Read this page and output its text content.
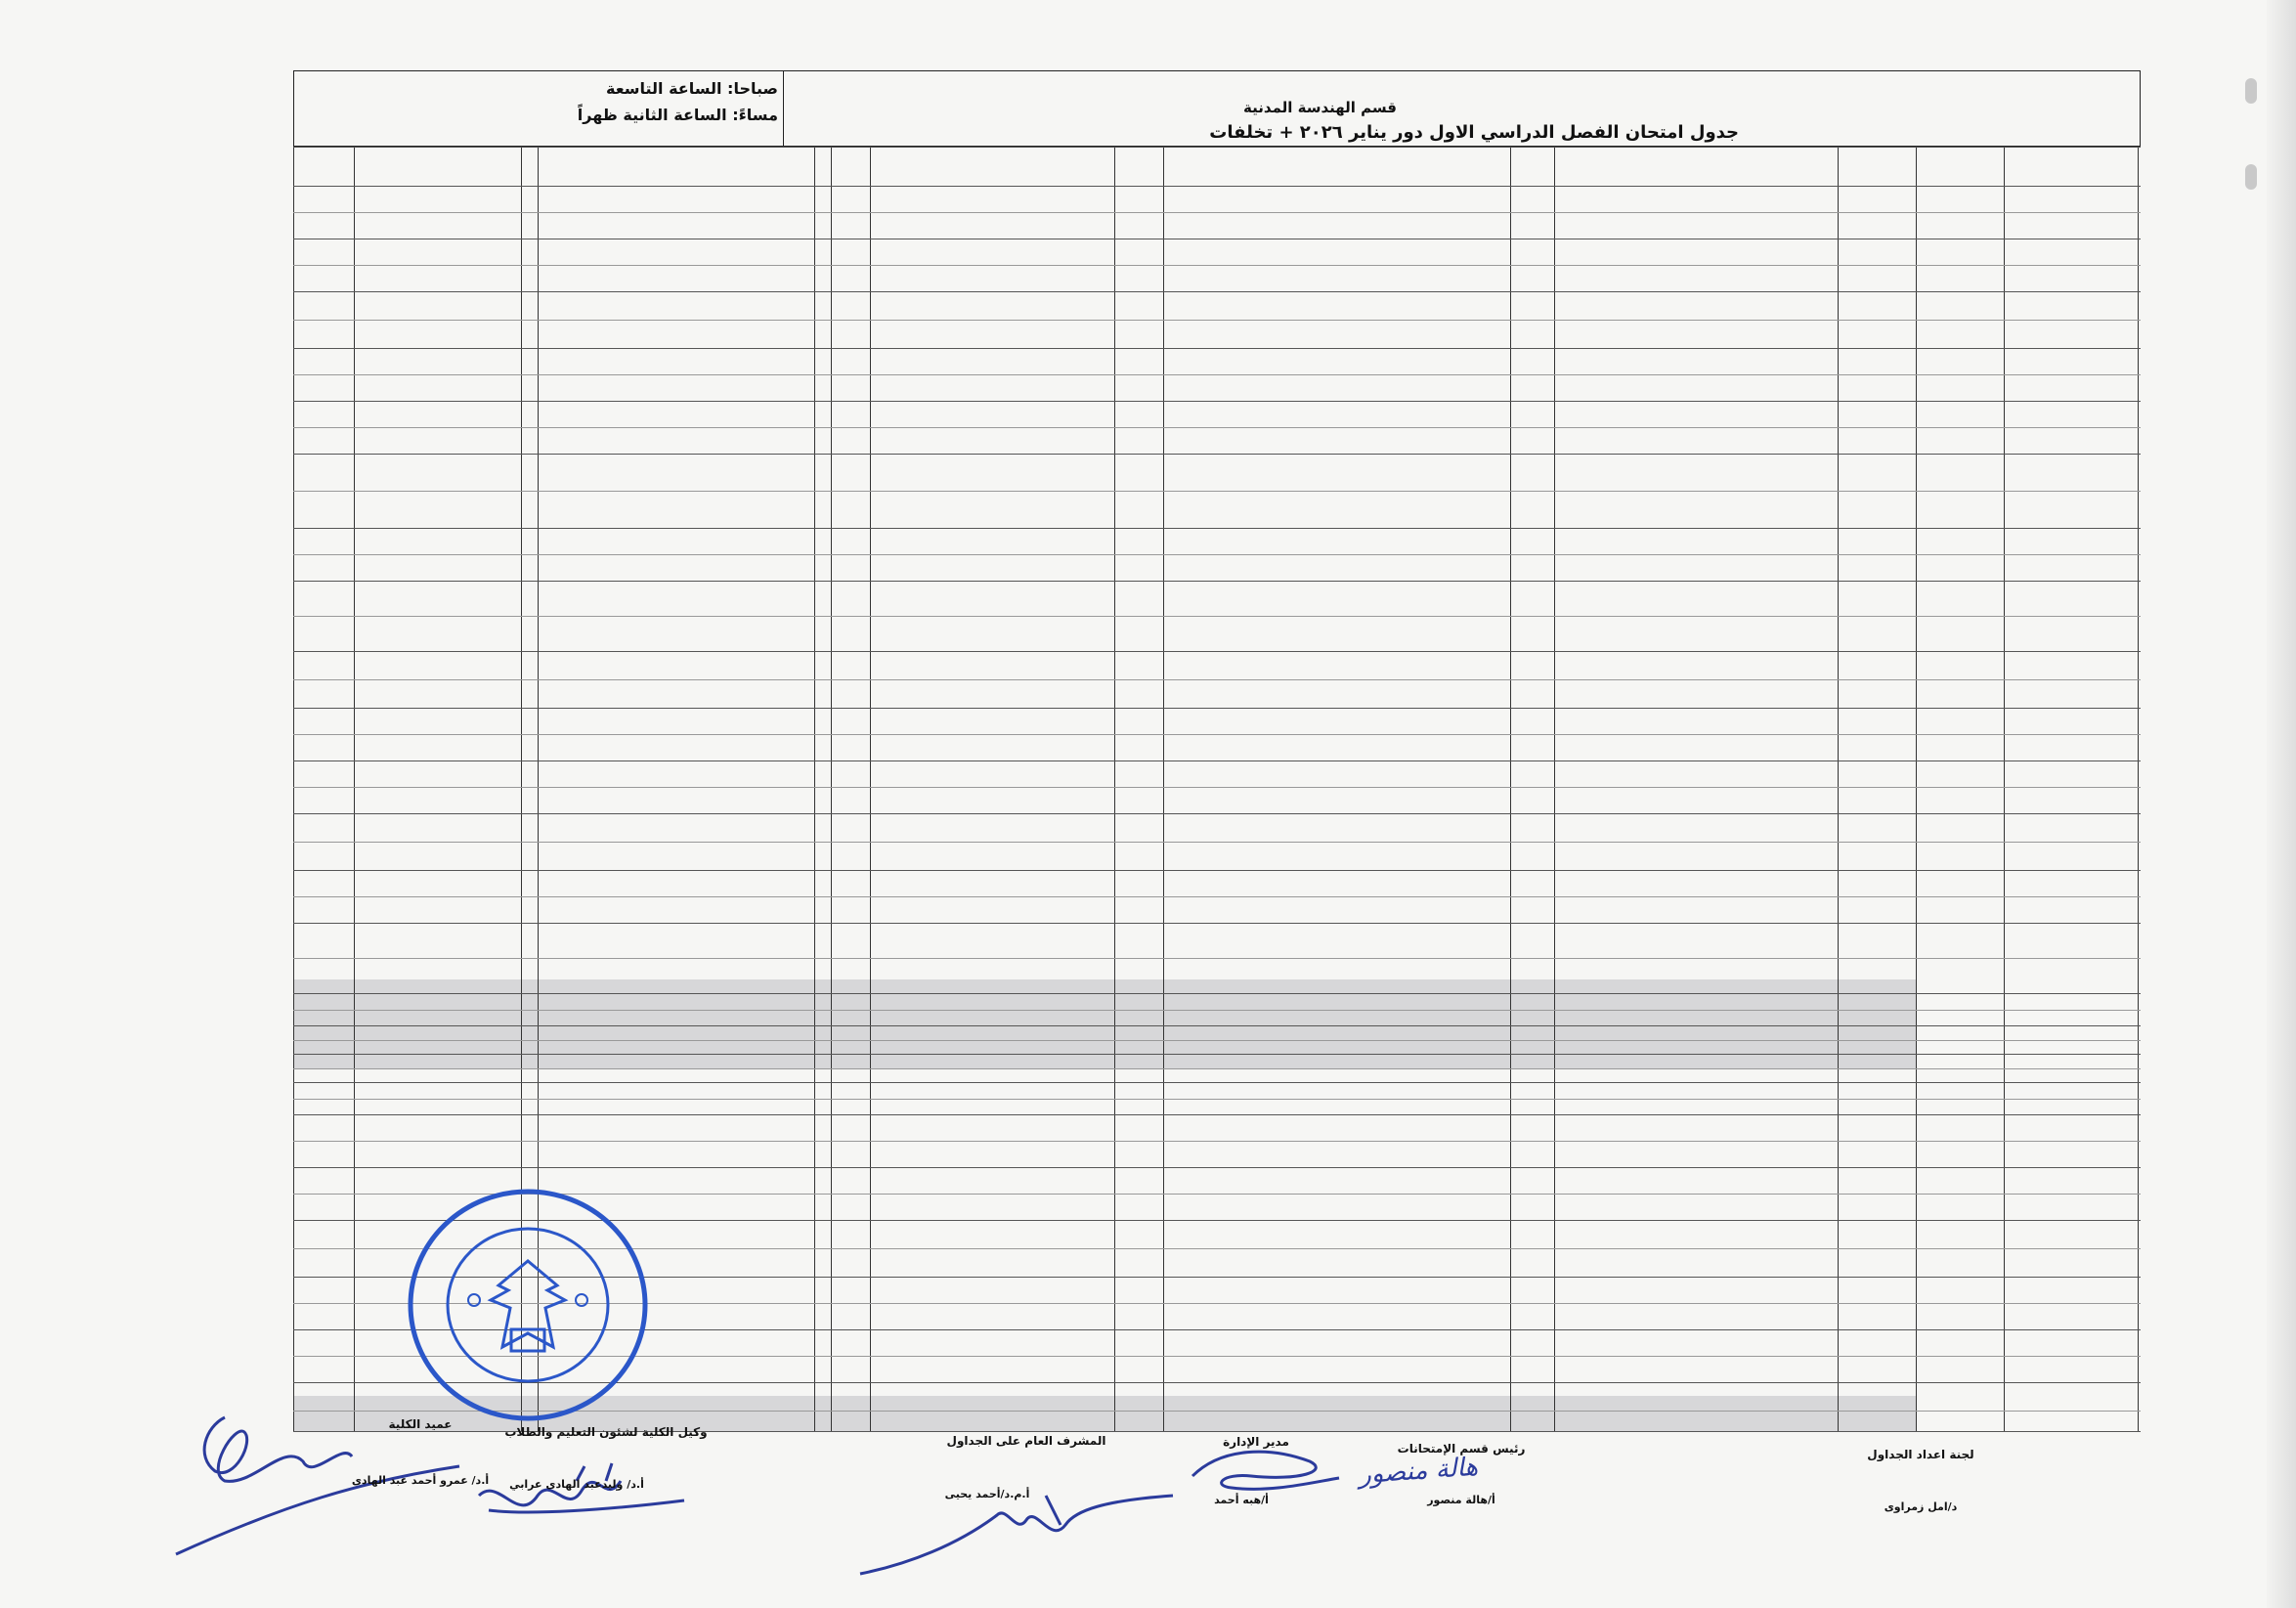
صباحا: الساعة التاسعة
مساءً: الساعة الثانية ظهراً	قسم الهندسة المدنية
جدول امتحان الفصل الدراسي الاول دور يناير ٢٠٢٦ + تخلفات
هالة منصور	لجنة اعداد الجداول
د/امل زمراوى
رئيس قسم الإمتحانات
أ/هالة منصور
مدير الإدارة
أ/هبه أحمد
المشرف العام على الجداول
أ.م.د/أحمد يحيى
وكيل الكلية لشئون التعليم والطلاب
أ.د/ وليدعبد الهادى عرابي
عميد الكلية
أ.د/ عمرو أحمد عبد الهادى
